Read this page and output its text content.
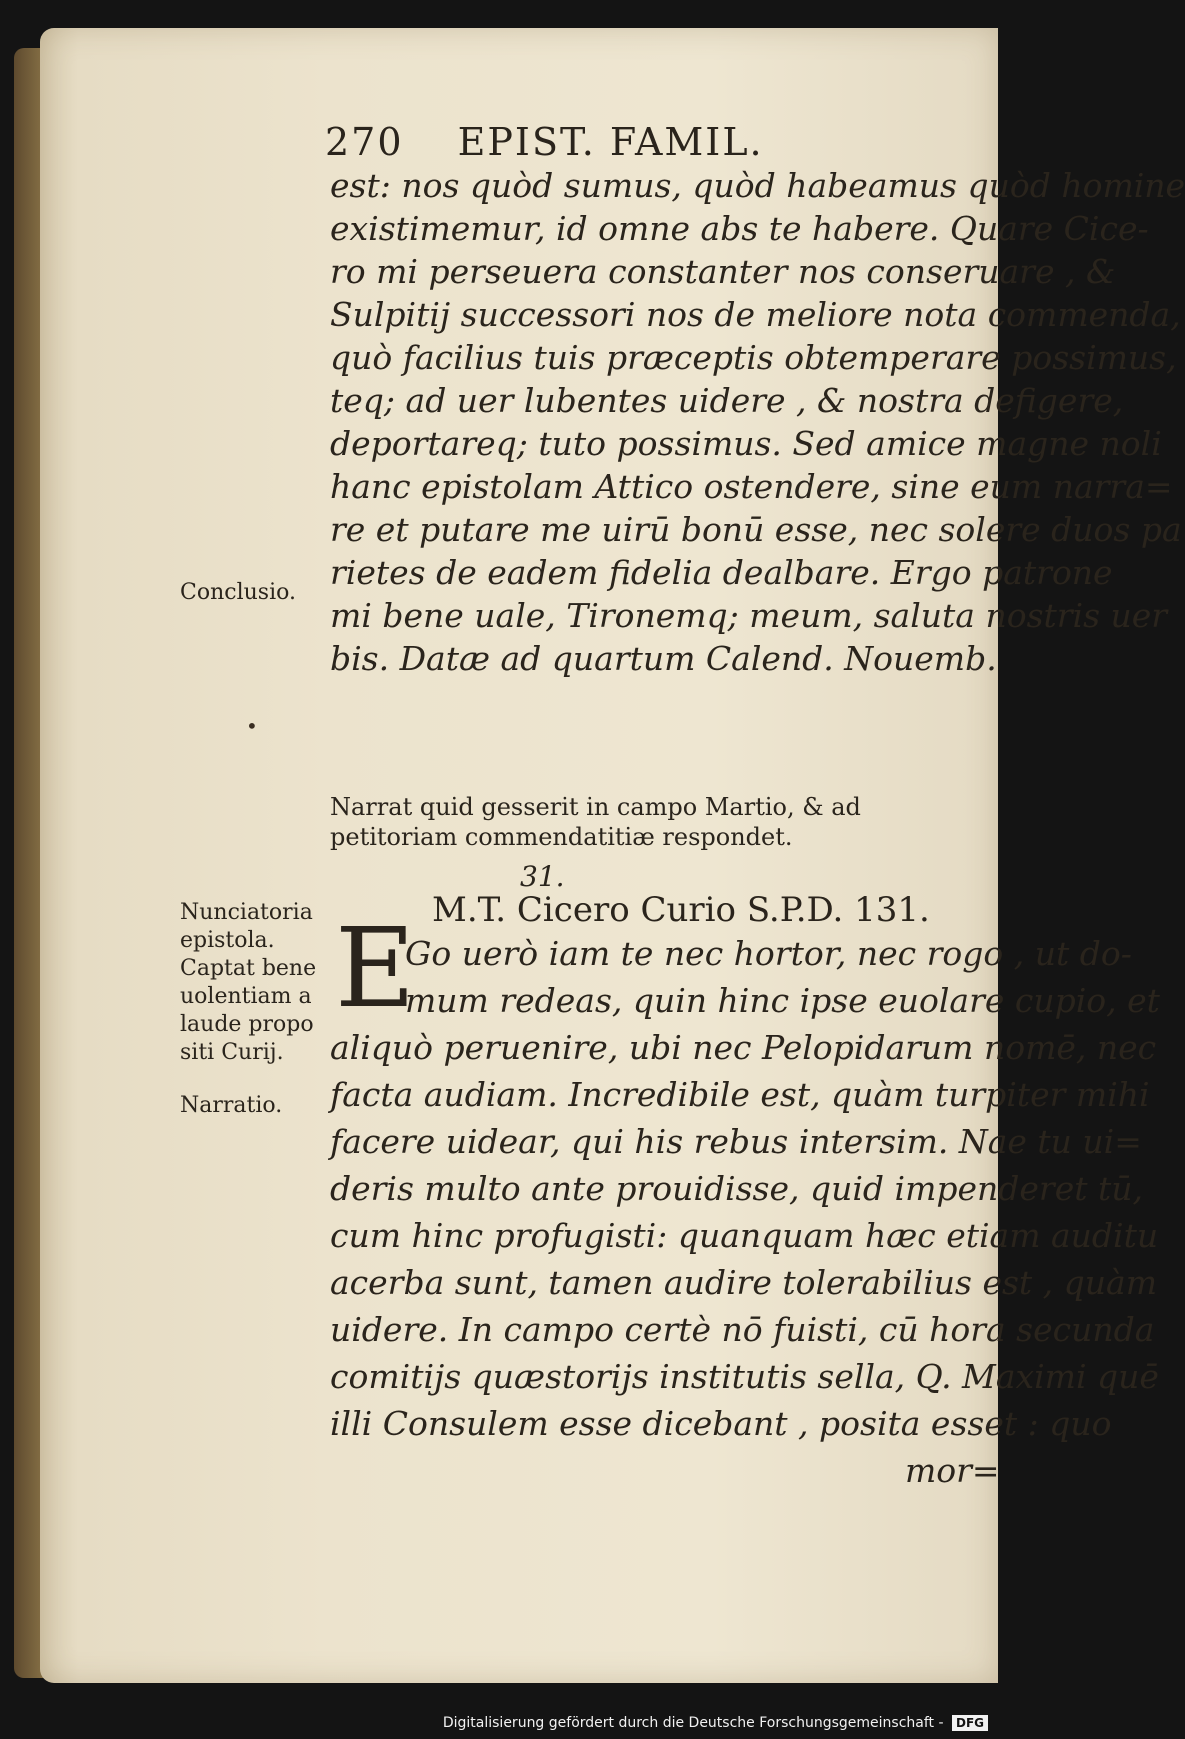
270 EPIST. FAMIL.
est: nos quòd sumus, quòd habeamus quòd homine
existimemur, id omne abs te habere. Quare Cice-
ro mi perseuera constanter nos conseruare , &
Sulpitij successori nos de meliore nota commenda,
quò facilius tuis præceptis obtemperare possimus,
teq; ad uer lubentes uidere , & nostra defigere,
deportareq; tuto possimus. Sed amice magne noli
hanc epistolam Attico ostendere, sine eum narra=
re et putare me uirū bonū esse, nec solere duos pa
rietes de eadem fidelia dealbare. Ergo patrone
mi bene uale, Tironemq; meum, saluta nostris uer
bis. Datæ ad quartum Calend. Nouemb.
Conclusio.
•
Nunciatoria
epistola.
Captat bene
uolentiam a
laude propo
siti Curij.
Narratio.
Narrat quid gesserit in campo Martio, & ad petitoriam commendatitiæ respondet.
31.
M.T. Cicero Curio S.P.D. 131.
E
Go uerò iam te nec hortor, nec rogo , ut do-
mum redeas, quin hinc ipse euolare cupio, et
aliquò peruenire, ubi nec Pelopidarum nomē, nec
facta audiam. Incredibile est, quàm turpiter mihi
facere uidear, qui his rebus intersim. Nae tu ui=
deris multo ante prouidisse, quid impenderet tū,
cum hinc profugisti: quanquam hæc etiam auditu
acerba sunt, tamen audire tolerabilius est , quàm
uidere. In campo certè nō fuisti, cū hora secunda
comitijs quæstorijs institutis sella, Q. Maximi quē
illi Consulem esse dicebant , posita esset : quo
mor=
Digitalisierung gefördert durch die Deutsche Forschungsgemeinschaft - DFG
